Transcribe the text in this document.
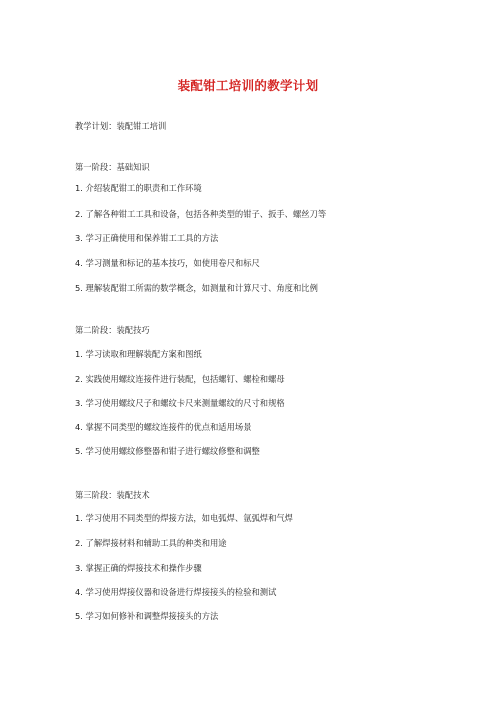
装配钳工培训的教学计划
教学计划：装配钳工培训
第一阶段：基础知识
1. 介绍装配钳工的职责和工作环境
2. 了解各种钳工工具和设备，包括各种类型的钳子、扳手、螺丝刀等
3. 学习正确使用和保养钳工工具的方法
4. 学习测量和标记的基本技巧，如使用卷尺和标尺
5. 理解装配钳工所需的数学概念，如测量和计算尺寸、角度和比例
第二阶段：装配技巧
1. 学习读取和理解装配方案和图纸
2. 实践使用螺纹连接件进行装配，包括螺钉、螺栓和螺母
3. 学习使用螺纹尺子和螺纹卡尺来测量螺纹的尺寸和规格
4. 掌握不同类型的螺纹连接件的优点和适用场景
5. 学习使用螺纹修整器和钳子进行螺纹修整和调整
第三阶段：装配技术
1. 学习使用不同类型的焊接方法，如电弧焊、氩弧焊和气焊
2. 了解焊接材料和辅助工具的种类和用途
3. 掌握正确的焊接技术和操作步骤
4. 学习使用焊接仪器和设备进行焊接接头的检验和测试
5. 学习如何修补和调整焊接接头的方法
